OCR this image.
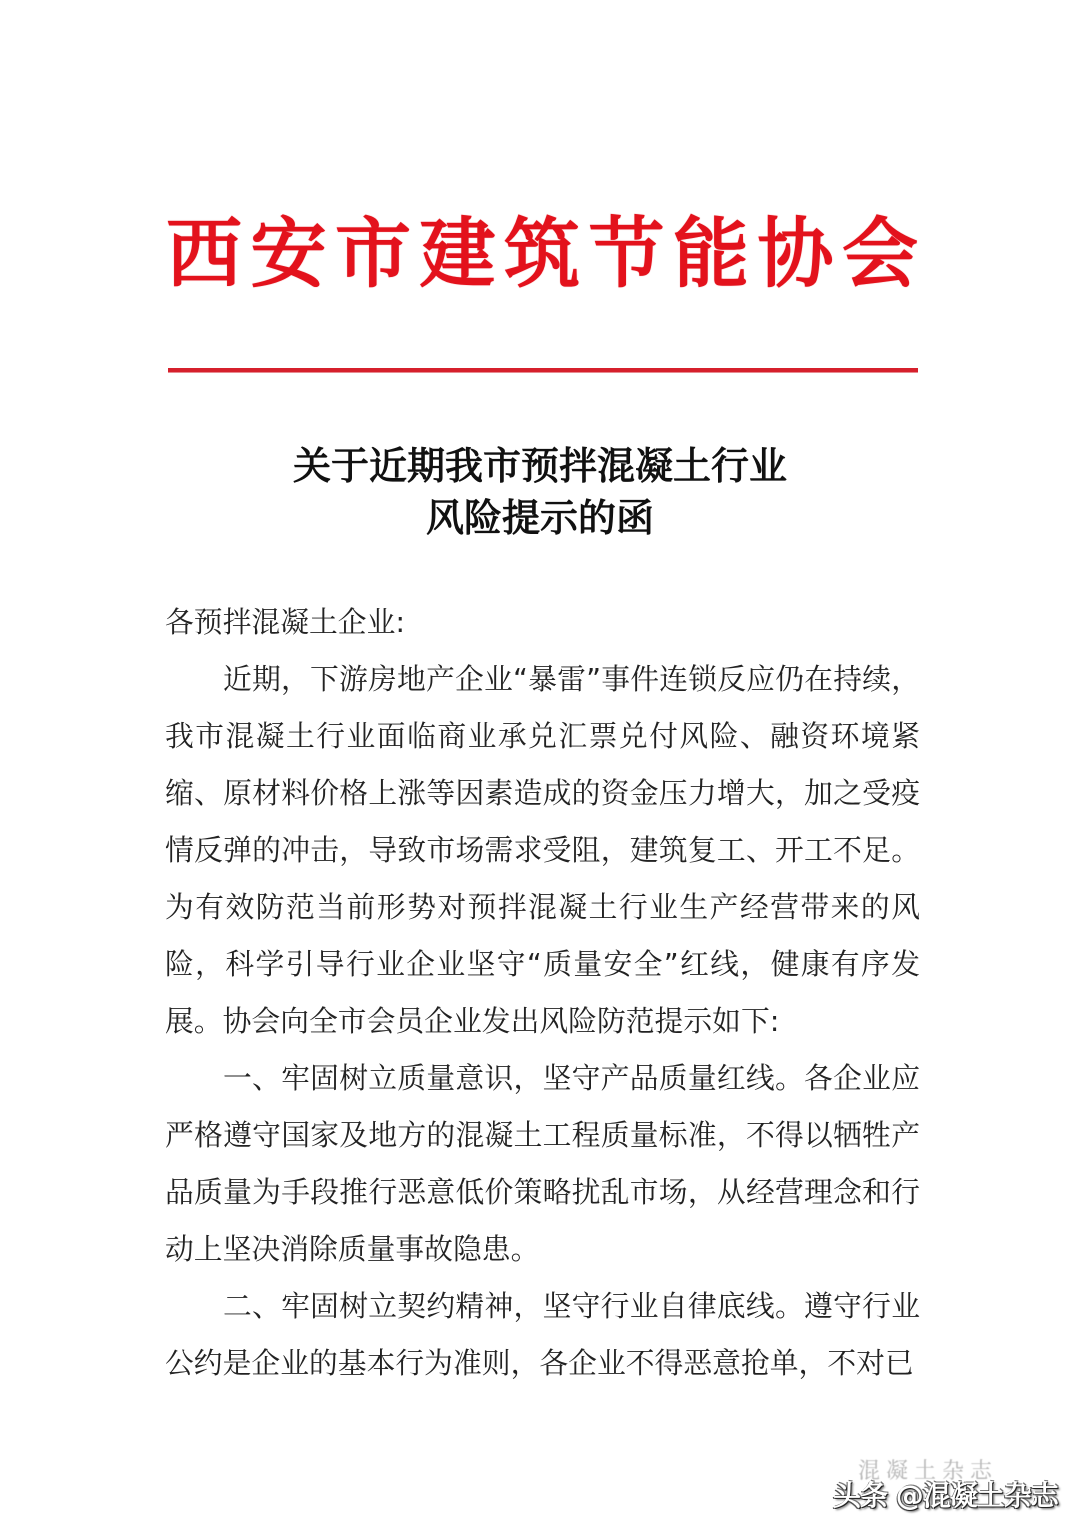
西 安 市 建 筑 节 能 协 会
关于近期我市预拌混凝土行业
风险提示的函

各预拌混凝土企业:

近期，下游房地产企业“暴雷”事件连锁反应仍在持续，我市混凝土行业面临商业承兑汇票兑付风险、融资环境紧缩、原材料价格上涨等因素造成的资金压力增大，加之受疫情反弹的冲击，导致市场需求受阻，建筑复工、开工不足。为有效防范当前形势对预拌混凝土行业生产经营带来的风险，科学引导行业企业坚守“质量安全”红线，健康有序发展。协会向全市会员企业发出风险防范提示如下:

一、牢固树立质量意识，坚守产品质量红线。各企业应严格遵守国家及地方的混凝土工程质量标准，不得以牺牲产品质量为手段推行恶意低价策略扰乱市场，从经营理念和行动上坚决消除质量事故隐患。

二、牢固树立契约精神，坚守行业自律底线。遵守行业公约是企业的基本行为准则，各企业不得恶意抢单，不对已

混凝土杂志
头条 @混凝土杂志
